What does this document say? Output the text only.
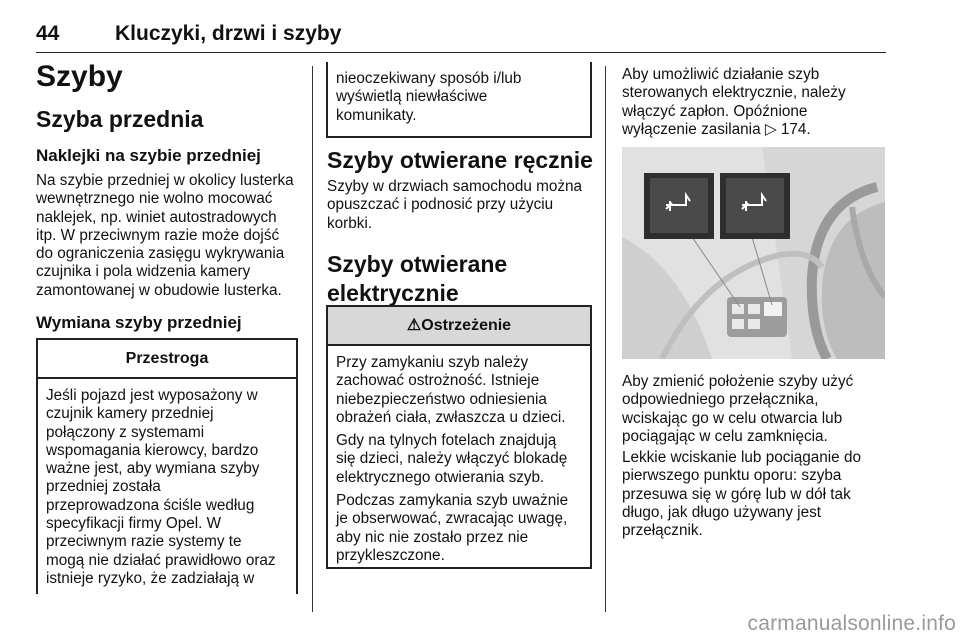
44	Kluczyki, drzwi i szyby
Szyby
Szyba przednia
Naklejki na szybie przedniej
Na szybie przedniej w okolicy lusterka
wewnętrznego nie wolno mocować
naklejek, np. winiet autostradowych
itp. W przeciwnym razie może dojść
do ograniczenia zasięgu wykrywania
czujnika i pola widzenia kamery
zamontowanej w obudowie lusterka.
Wymiana szyby przedniej
Przestroga
Jeśli pojazd jest wyposażony w
czujnik kamery przedniej
połączony z systemami
wspomagania kierowcy, bardzo
ważne jest, aby wymiana szyby
przedniej została
przeprowadzona ściśle według
specyfikacji firmy Opel. W
przeciwnym razie systemy te
mogą nie działać prawidłowo oraz
istnieje ryzyko, że zadziałają w
nieoczekiwany sposób i/lub
wyświetlą niewłaściwe
komunikaty.
Szyby otwierane ręcznie
Szyby w drzwiach samochodu można
opuszczać i podnosić przy użyciu
korbki.
Szyby otwierane
elektrycznie
⚠Ostrzeżenie

Przy zamykaniu szyb należy
zachować ostrożność. Istnieje
niebezpieczeństwo odniesienia
obrażeń ciała, zwłaszcza u dzieci.

Gdy na tylnych fotelach znajdują
się dzieci, należy włączyć blokadę
elektrycznego otwierania szyb.

Podczas zamykania szyb uważnie
je obserwować, zwracając uwagę,
aby nic nie zostało przez nie
przykleszczone.

Aby umożliwić działanie szyb
sterowanych elektrycznie, należy
włączyć zapłon. Opóźnione
wyłączenie zasilania ▷ 174.
Aby zmienić położenie szyby użyć
odpowiedniego przełącznika,
wciskając go w celu otwarcia lub
pociągając w celu zamknięcia.
Lekkie wciskanie lub pociąganie do
pierwszego punktu oporu: szyba
przesuwa się w górę lub w dół tak
długo, jak długo używany jest
przełącznik.
carmanualsonline.info
